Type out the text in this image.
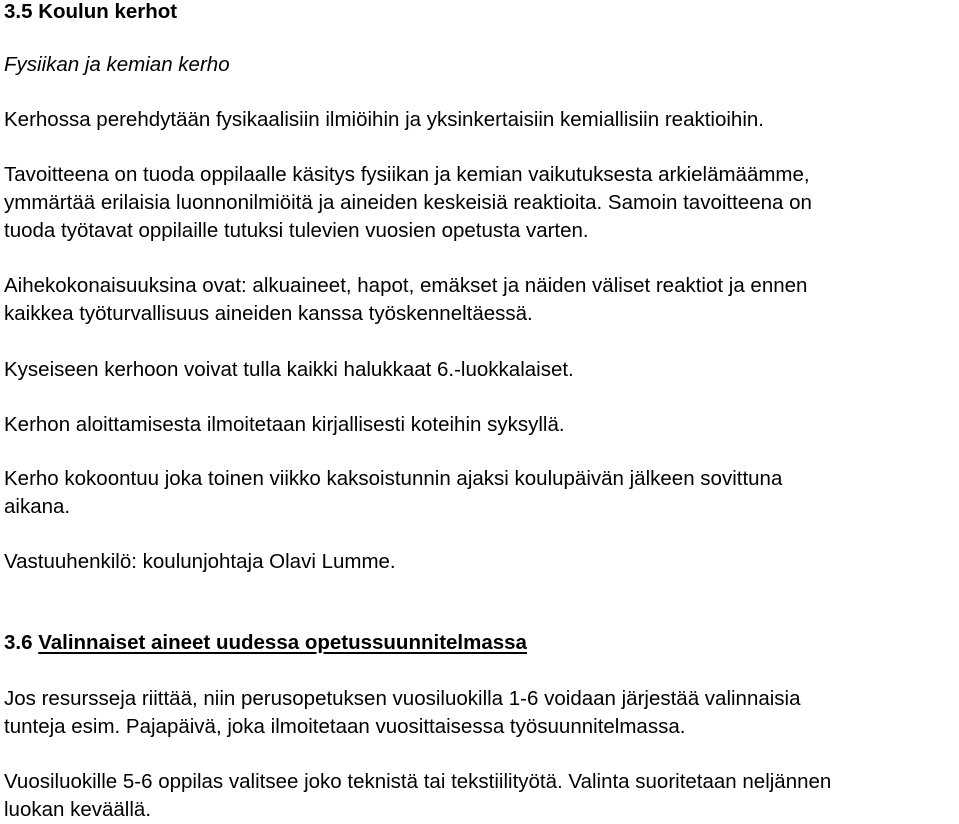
3.5 Koulun kerhot

Fysiikan ja kemian kerho

Kerhossa perehdytään fysikaalisiin ilmiöihin ja yksinkertaisiin kemiallisiin reaktioihin.

Tavoitteena on tuoda oppilaalle käsitys fysiikan ja kemian vaikutuksesta arkielämäämme,
ymmärtää erilaisia luonnonilmiöitä ja aineiden keskeisiä reaktioita. Samoin tavoitteena on
tuoda työtavat oppilaille tutuksi tulevien vuosien opetusta varten.

Aihekokonaisuuksina ovat: alkuaineet, hapot, emäkset ja näiden väliset reaktiot ja ennen
kaikkea työturvallisuus aineiden kanssa työskenneltäessä.

Kyseiseen kerhoon voivat tulla kaikki halukkaat 6.-luokkalaiset.

Kerhon aloittamisesta ilmoitetaan kirjallisesti koteihin syksyllä.

Kerho kokoontuu joka toinen viikko kaksoistunnin ajaksi koulupäivän jälkeen sovittuna
aikana.

Vastuuhenkilö: koulunjohtaja Olavi Lumme.

3.6 Valinnaiset aineet uudessa opetussuunnitelmassa

Jos resursseja riittää, niin perusopetuksen vuosiluokilla 1-6 voidaan järjestää valinnaisia
tunteja esim. Pajapäivä, joka ilmoitetaan vuosittaisessa työsuunnitelmassa.

Vuosiluokille 5-6 oppilas valitsee joko teknistä tai tekstiilityötä. Valinta suoritetaan neljännen
luokan keväällä.
